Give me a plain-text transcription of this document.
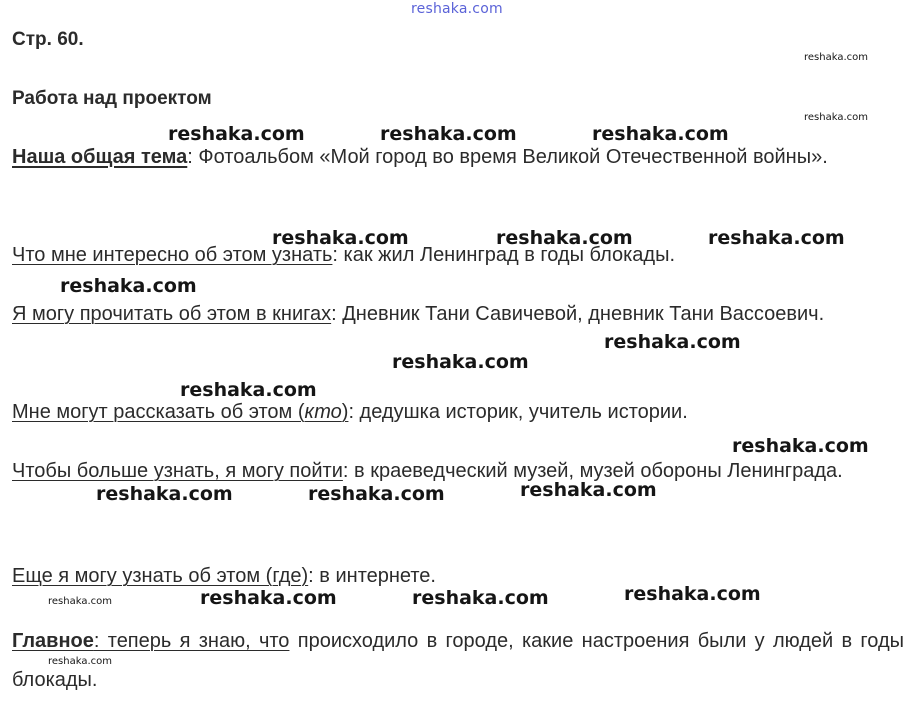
reshaka.com
Стр. 60.
Работа над проектом

Наша общая тема: Фотоальбом «Мой город во время Великой Отечественной войны».

Что мне интересно об этом узнать: как жил Ленинград в годы блокады.

Я могу прочитать об этом в книгах: Дневник Тани Савичевой, дневник Тани Вассоевич.

Мне могут рассказать об этом (кто): дедушка историк, учитель истории.

Чтобы больше узнать, я могу пойти: в краеведческий музей, музей обороны Ленинграда.

Еще я могу узнать об этом (где): в интернете.

Главное: теперь я знаю, что происходило в городе, какие настроения были у людей в годы блокады.

reshaka.com	reshaka.com	reshaka.com
reshaka.com	reshaka.com	reshaka.com
reshaka.com
reshaka.com
reshaka.com
reshaka.com
reshaka.com
reshaka.com
reshaka.com	reshaka.com
reshaka.com
reshaka.com	reshaka.com
reshaka.com
reshaka.com
reshaka.com
reshaka.com
